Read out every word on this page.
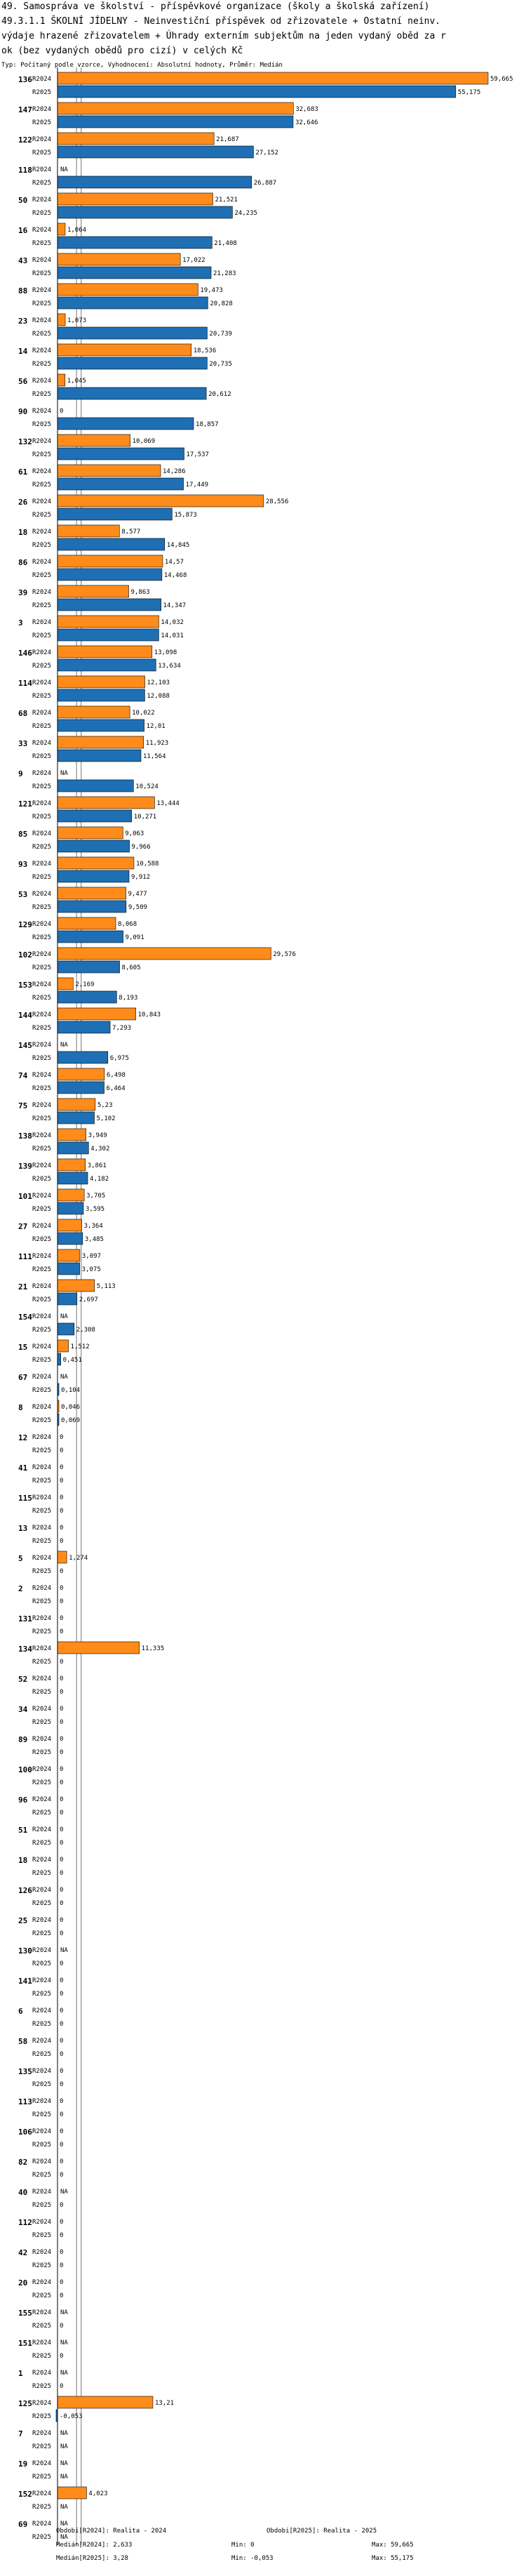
49. Samospráva ve školství - příspěvkové organizace (školy a školská zařízení)
49.3.1.1 ŠKOLNÍ JÍDELNY - Neinvestiční příspěvek od zřizovatele + Ostatní neinv.
výdaje hrazené zřizovatelem + Úhrady externím subjektům na jeden vydaný oběd za r
ok (bez vydaných obědů pro cizí) v celých Kč
Typ: Počítaný podle vzorce, Vyhodnocení: Absolutní hodnoty, Průměr: Medián
136 R2024	59,665
R2025	55,175
147 R2024	32,683
R2025	32,646
122 R2024	21,687
R2025	27,152
118 R2024 NA
R2025	26,887
50 R2024	21,521
R2025	24,235
16 R2024	1,064
R2025	21,408
43 R2024	17,022
R2025	21,283
88 R2024	19,473
R2025	20,828
23 R2024	1,073
R2025	20,739
14 R2024	18,536
R2025	20,735
56 R2024	1,045
R2025	20,612
90 R2024 0
R2025	18,857
132 R2024	10,069
R2025	17,537
61 R2024	14,286
R2025	17,449
26 R2024	28,556
R2025	15,873
18 R2024	8,577
R2025	14,845
86 R2024	14,57
R2025	14,468
39 R2024	9,863
R2025	14,347
3 R2024	14,032
R2025	14,031
146 R2024	13,098
R2025	13,634
114 R2024	12,103
R2025	12,088
68 R2024	10,022
R2025	12,01
33 R2024	11,923
R2025	11,564
9 R2024 NA
R2025	10,524
121 R2024	13,444
R2025	10,271
85 R2024	9,063
R2025	9,966
93 R2024	10,588
R2025	9,912
53 R2024	9,477
R2025	9,509
129 R2024	8,068
R2025	9,091
102 R2024	29,576
R2025	8,605
153 R2024	2,169
R2025	8,193
144 R2024	10,843
R2025	7,293
145 R2024 NA
R2025	6,975
74 R2024	6,498
R2025	6,464
75 R2024	5,23
R2025	5,102
138 R2024	3,949
R2025	4,302
139 R2024	3,861
R2025	4,182
101 R2024	3,705
R2025	3,595
27 R2024	3,364
R2025	3,485
111 R2024	3,097
R2025	3,075
21 R2024	5,113
R2025	2,697
154 R2024 NA
R2025	2,308
15 R2024	1,512
R2025 0,451
67 R2024 NA
R2025 0,104
8 R2024 0,046
R2025 0,069
12 R2024 0
R2025 0
41 R2024 0
R2025 0
115 R2024 0
R2025 0
13 R2024 0
R2025 0
5 R2024	1,274
R2025 0
2 R2024 0
R2025 0
131 R2024 0
R2025 0
134 R2024	11,335
R2025 0
52 R2024 0
R2025 0
34 R2024 0
R2025 0
89 R2024 0
R2025 0
100 R2024 0
R2025 0
96 R2024 0
R2025 0
51 R2024 0
R2025 0
18 R2024 0
R2025 0
126 R2024 0
R2025 0
25 R2024 0
R2025 0
130 R2024 NA
R2025 0
141 R2024 0
R2025 0
6 R2024 0
R2025 0
58 R2024 0
R2025 0
135 R2024 0
R2025 0
113 R2024 0
R2025 0
106 R2024 0
R2025 0
82 R2024 0
R2025 0
40 R2024 NA
R2025 0
112 R2024 0
R2025 0
42 R2024 0
R2025 0
20 R2024 0
R2025 0
155 R2024 NA
R2025 0
151 R2024 NA
R2025 0
1 R2024 NA
R2025 0
125 R2024	13,21
R2025 -0,053
7 R2024 NA
R2025 NA
19 R2024 NA
R2025 NA
152 R2024	4,023
R2025 NA
69 R2024 NA
R2025 NA
Obdobi[R2024]: Realita - 2024	Obdobi[R2025]: Realita - 2025
Medián[R2024]: 2,633	Min: 0	Max: 59,665
Medián[R2025]: 3,28	Min: -0,053	Max: 55,175
